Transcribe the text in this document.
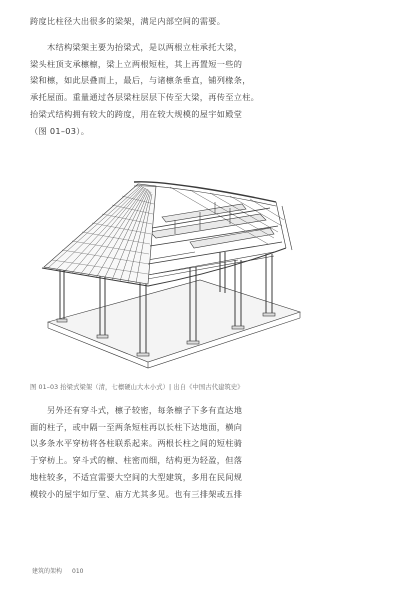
跨度比柱径大出很多的梁架，满足内部空间的需要。

　　木结构梁架主要为抬梁式，是以两根立柱承托大梁，
梁头柱顶支承檩檩，梁上立两根短柱，其上再置短一些的
梁和檩，如此层叠而上，最后，与诸檩条垂直，铺列椽条，
承托屋面。重量通过各层梁柱层层下传至大梁，再传至立柱。
抬梁式结构拥有较大的跨度，用在较大规模的屋宇如殿堂
（图 01–03）。

图 01–03 抬梁式梁架（清，七檩硬山大木小式）| 出自《中国古代建筑史》

　　另外还有穿斗式，檩子较密，每条檩子下多有直达地
面的柱子，或中隔一至两条短柱再以长柱下达地面，横向
以多条水平穿枋将各柱联系起来。两根长柱之间的短柱骑
于穿枋上。穿斗式的檩、柱密而细，结构更为轻盈，但落
地柱较多，不适宜需要大空间的大型建筑，多用在民间规
模较小的屋宇如厅堂、庙方尤其多见。也有三排架或五排

建筑的架构 010
